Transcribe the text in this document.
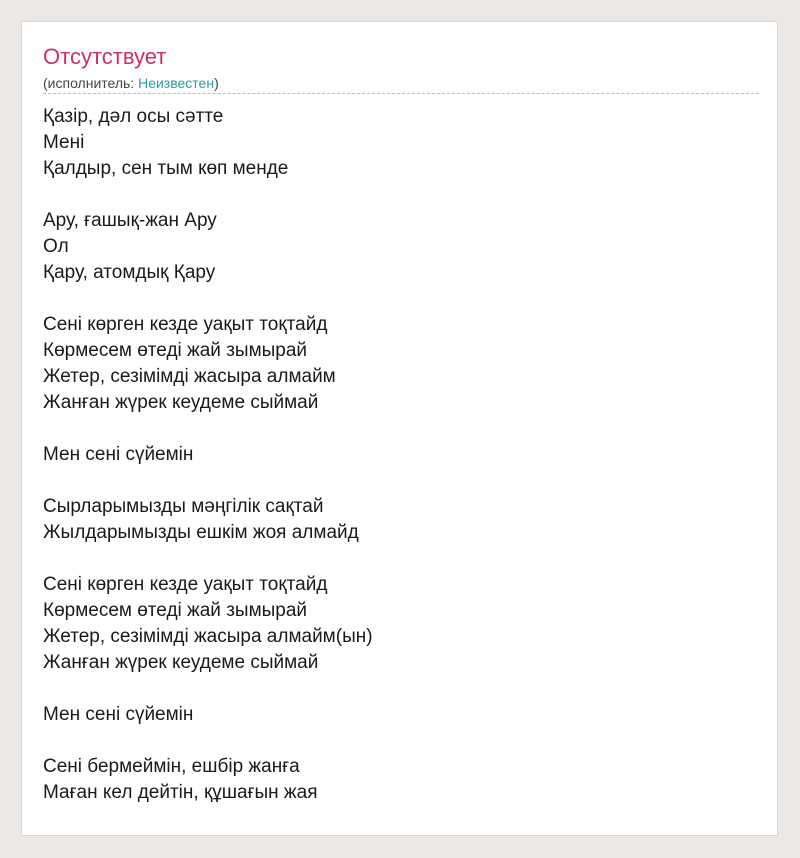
Отсутствует
(исполнитель: Неизвестен)
Қазір, дәл осы сәтте
Мені
Қалдыр, сен тым көп менде
Ару, ғашық-жан Ару
Ол
Қару, атомдық Қару
Сені көрген кезде уақыт тоқтайд
Көрмесем өтеді жай зымырай
Жетер, сезімімді жасыра алмайм
Жанған жүрек кеудеме сыймай
Мен сені сүйемін
Сырларымызды мәңгілік сақтай
Жылдарымызды ешкім жоя алмайд
Сені көрген кезде уақыт тоқтайд
Көрмесем өтеді жай зымырай
Жетер, сезімімді жасыра алмайм(ын)
Жанған жүрек кеудеме сыймай
Мен сені сүйемін
Сені бермеймін, ешбір жанға
Маған кел дейтін, құшағын жая
